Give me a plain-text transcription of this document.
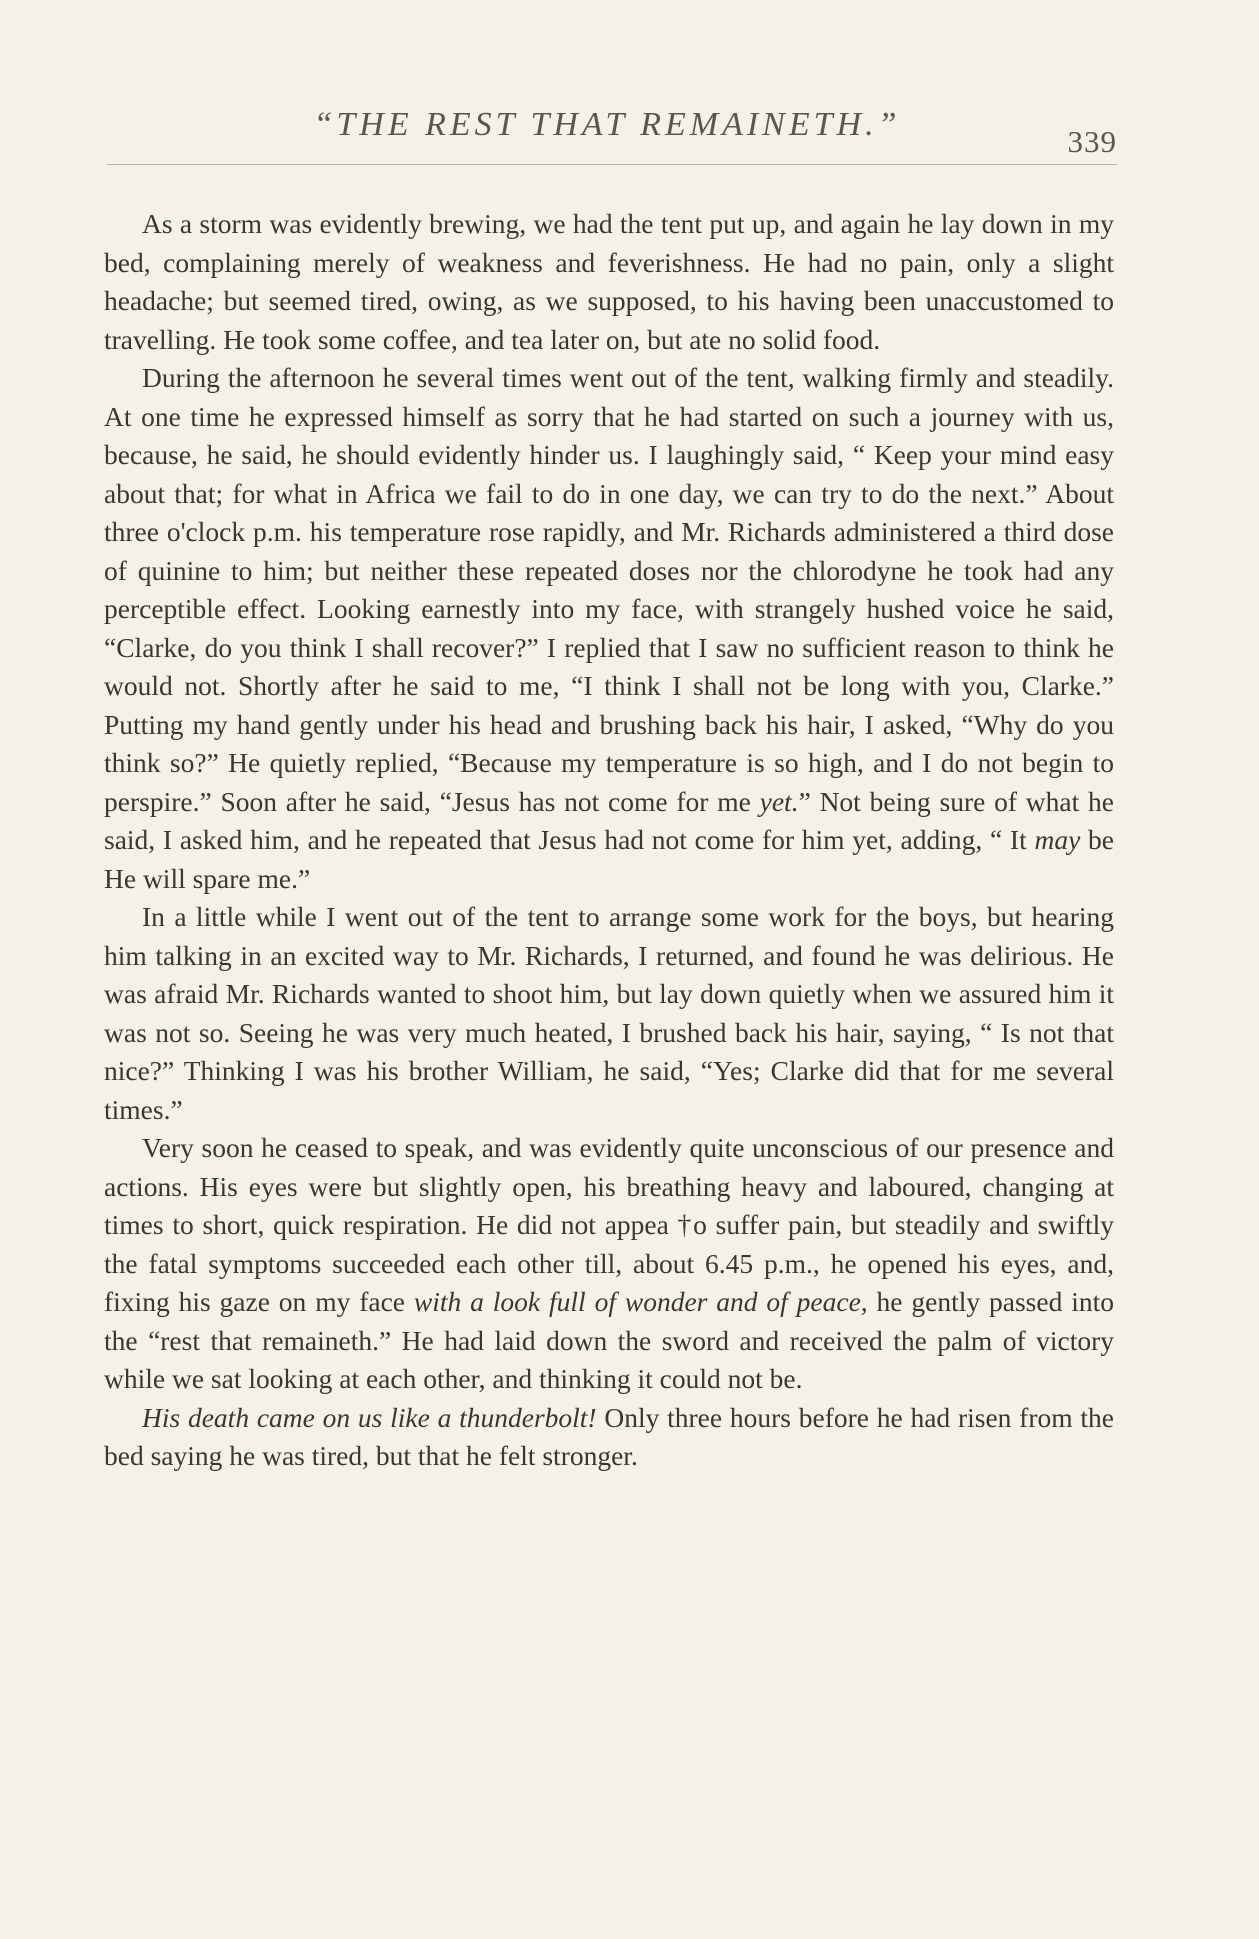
“THE REST THAT REMAINETH.”	339

As a storm was evidently brewing, we had the tent put up, and again he lay down in my bed, complaining merely of weakness and feverishness. He had no pain, only a slight headache; but seemed tired, owing, as we supposed, to his having been unaccustomed to travelling. He took some coffee, and tea later on, but ate no solid food.

During the afternoon he several times went out of the tent, walking firmly and steadily. At one time he expressed himself as sorry that he had started on such a journey with us, because, he said, he should evidently hinder us. I laughingly said, “ Keep your mind easy about that; for what in Africa we fail to do in one day, we can try to do the next.” About three o'clock p.m. his temperature rose rapidly, and Mr. Richards administered a third dose of quinine to him; but neither these repeated doses nor the chlorodyne he took had any perceptible effect. Looking earnestly into my face, with strangely hushed voice he said, “Clarke, do you think I shall recover?” I replied that I saw no sufficient reason to think he would not. Shortly after he said to me, “I think I shall not be long with you, Clarke.” Putting my hand gently under his head and brushing back his hair, I asked, “Why do you think so?” He quietly replied, “Because my temperature is so high, and I do not begin to perspire.” Soon after he said, “Jesus has not come for me yet.” Not being sure of what he said, I asked him, and he repeated that Jesus had not come for him yet, adding, “ It may be He will spare me.”

In a little while I went out of the tent to arrange some work for the boys, but hearing him talking in an excited way to Mr. Richards, I returned, and found he was delirious. He was afraid Mr. Richards wanted to shoot him, but lay down quietly when we assured him it was not so. Seeing he was very much heated, I brushed back his hair, saying, “ Is not that nice?” Thinking I was his brother William, he said, “Yes; Clarke did that for me several times.”

Very soon he ceased to speak, and was evidently quite unconscious of our presence and actions. His eyes were but slightly open, his breathing heavy and laboured, changing at times to short, quick respiration. He did not appea †o suffer pain, but steadily and swiftly the fatal symptoms succeeded each other till, about 6.45 p.m., he opened his eyes, and, fixing his gaze on my face with a look full of wonder and of peace, he gently passed into the “rest that remaineth.” He had laid down the sword and received the palm of victory while we sat looking at each other, and thinking it could not be.

His death came on us like a thunderbolt! Only three hours before he had risen from the bed saying he was tired, but that he felt stronger.
